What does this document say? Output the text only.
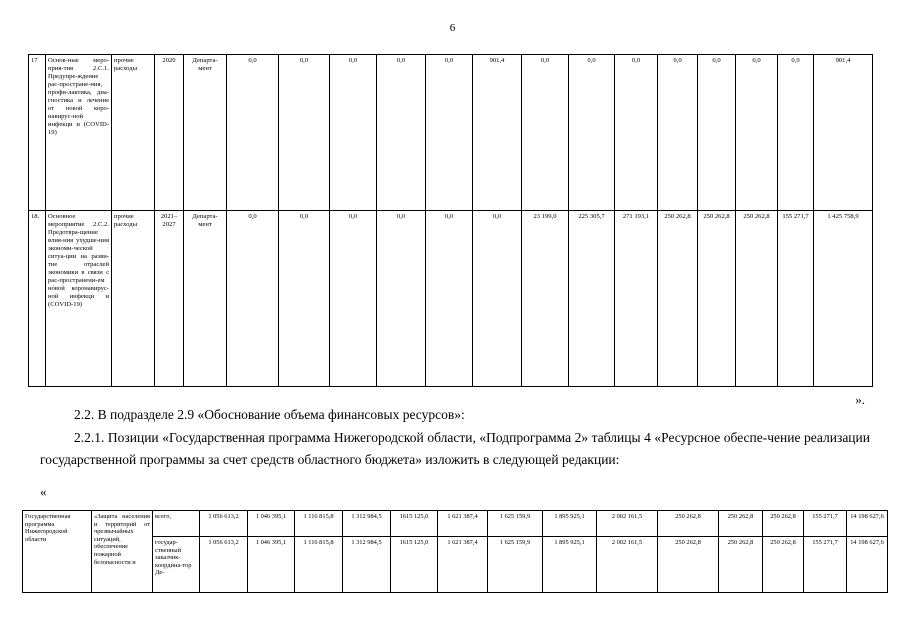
6
17	Основ-ные меро-прия-тия 2.С.1. Предупре-ждение рас-простране-ния, профи-лактика, диа-гностика и лечение от новой коро-навирус-ной инфекци и (COVID-19)	прочие расходы	2020	Департа-мент	0,0	0,0	0,0	0,0	0,0	901,4	0,0	0,0	0,0	0,0	0,0	0,0	0,0	901,4
18.	Основное мероприятие 2.С.2. Предотвра-щение влия-ния ухудше-ния экономи-ческой ситуа-ции на разви-тие отраслей экономики в связи с рас-пространени-ем новой коронавирус-ной инфекци и (COVID-19)	прочие расходы	2021–2027	Департа-мент	0,0	0,0	0,0	0,0	0,0	0,0	23 199,0	225 305,7	271 193,1	250 262,8	250 262,8	250 262,8	155 271,7	1 425 758,9
».
2.2. В подразделе 2.9 «Обоснование объема финансовых ресурсов»:
2.2.1. Позиции «Государственная программа Нижегородской области, «Подпрограмма 2» таблицы 4 «Ресурсное обеспе-чение реализации государственной программы за счет средств областного бюджета» изложить в следующей редакции:
«
Государственная программа Нижегородской области	«Защита населения и территорий от чрезвычайных ситуаций, обеспечение пожарной безопасности и	всего,	1 056 613,2	1 046 395,1	1 116 815,8	1 312 984,5	1615 125,0	1 621 387,4	1 625 159,9	1 895 925,1	2 002 161,5	250 262,8	250 262,8	250 262,8	155 271,7	14 198 627,6
		государ-ственный заказчик-координа-тор Де-	1 056 613,2	1 046 395,1	1 116 815,8	1 312 984,5	1615 125,0	1 621 387,4	1 625 159,9	1 895 925,1	2 002 161,5	250 262,8	250 262,8	250 262,8	155 271,7	14 198 627,6
